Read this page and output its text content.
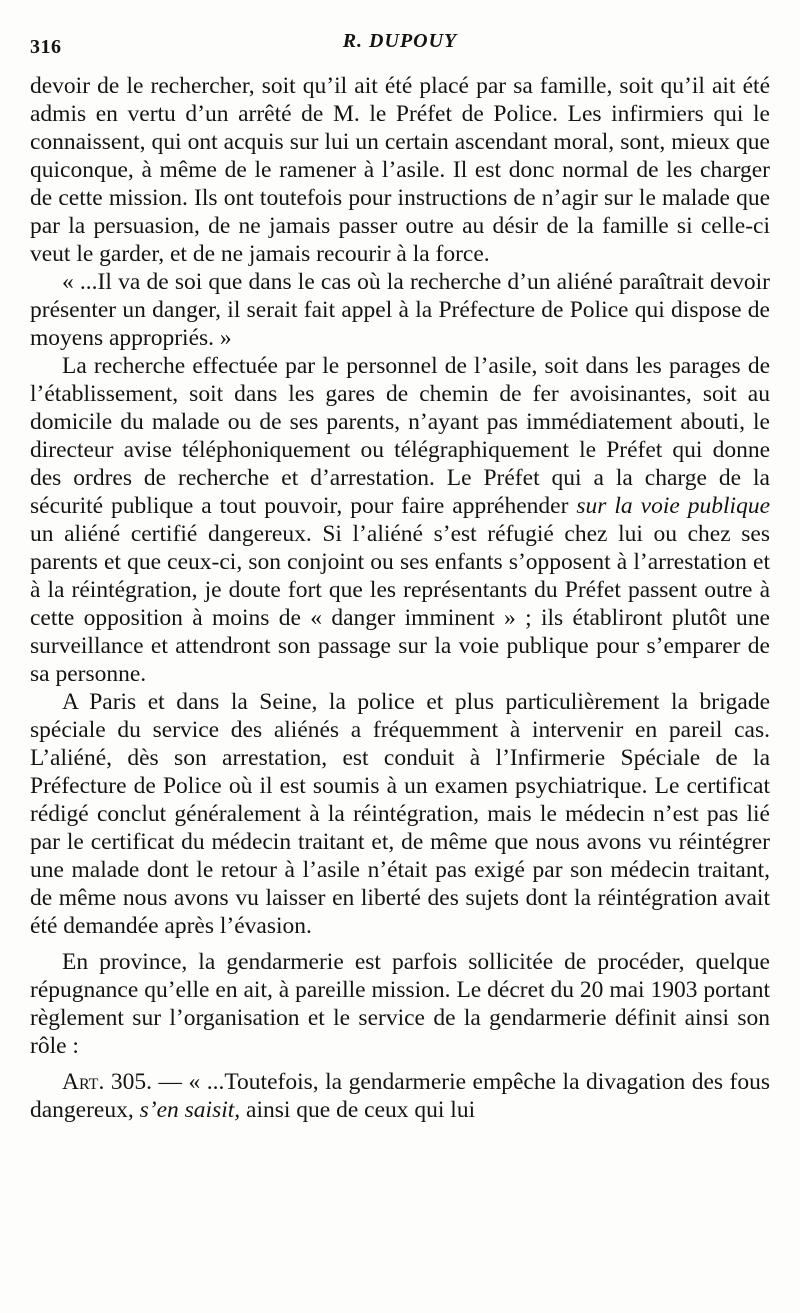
316	R. DUPOUY

devoir de le rechercher, soit qu’il ait été placé par sa famille, soit qu’il ait été admis en vertu d’un arrêté de M. le Préfet de Police. Les infirmiers qui le connaissent, qui ont acquis sur lui un certain ascendant moral, sont, mieux que quiconque, à même de le ramener à l’asile. Il est donc normal de les charger de cette mission. Ils ont toutefois pour instructions de n’agir sur le malade que par la persuasion, de ne jamais passer outre au désir de la famille si celle-ci veut le garder, et de ne jamais recourir à la force.

« ...Il va de soi que dans le cas où la recherche d’un aliéné paraîtrait devoir présenter un danger, il serait fait appel à la Préfecture de Police qui dispose de moyens appropriés. »

La recherche effectuée par le personnel de l’asile, soit dans les parages de l’établissement, soit dans les gares de chemin de fer avoisinantes, soit au domicile du malade ou de ses parents, n’ayant pas immédiatement abouti, le directeur avise téléphoniquement ou télégraphiquement le Préfet qui donne des ordres de recherche et d’arrestation. Le Préfet qui a la charge de la sécurité publique a tout pouvoir, pour faire appréhender sur la voie publique un aliéné certifié dangereux. Si l’aliéné s’est réfugié chez lui ou chez ses parents et que ceux-ci, son conjoint ou ses enfants s’opposent à l’arrestation et à la réintégration, je doute fort que les représentants du Préfet passent outre à cette opposition à moins de « danger imminent » ; ils établiront plutôt une surveillance et attendront son passage sur la voie publique pour s’emparer de sa personne.

A Paris et dans la Seine, la police et plus particulièrement la brigade spéciale du service des aliénés a fréquemment à intervenir en pareil cas. L’aliéné, dès son arrestation, est conduit à l’Infirmerie Spéciale de la Préfecture de Police où il est soumis à un examen psychiatrique. Le certificat rédigé conclut généralement à la réintégration, mais le médecin n’est pas lié par le certificat du médecin traitant et, de même que nous avons vu réintégrer une malade dont le retour à l’asile n’était pas exigé par son médecin traitant, de même nous avons vu laisser en liberté des sujets dont la réintégration avait été demandée après l’évasion.

En province, la gendarmerie est parfois sollicitée de procéder, quelque répugnance qu’elle en ait, à pareille mission. Le décret du 20 mai 1903 portant règlement sur l’organisation et le service de la gendarmerie définit ainsi son rôle :

Art. 305. — « ...Toutefois, la gendarmerie empêche la divagation des fous dangereux, s’en saisit, ainsi que de ceux qui lui
